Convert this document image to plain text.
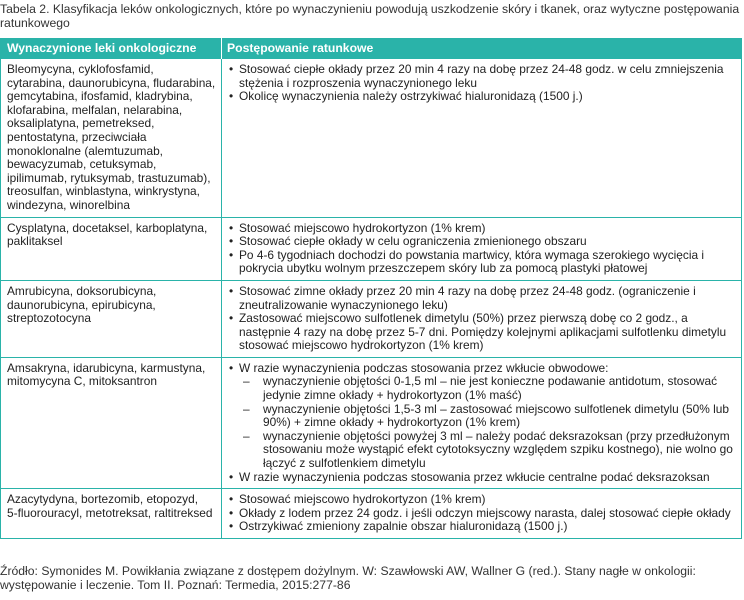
Tabela 2. Klasyfikacja leków onkologicznych, które po wynaczynieniu powodują uszkodzenie skóry i tkanek, oraz wytyczne postępowania ratunkowego
Wynaczynione leki onkologiczne	Postępowanie ratunkowe
Bleomycyna, cyklofosfamid,
cytarabina, daunorubicyna, fludarabina,
gemcytabina, ifosfamid, kladrybina,
klofarabina, melfalan, nelarabina,
oksaliplatyna, pemetreksed,
pentostatyna, przeciwciała
monoklonalne (alemtuzumab,
bewacyzumab, cetuksymab,
ipilimumab, rytuksymab, trastuzumab),
treosulfan, winblastyna, winkrystyna,
windezyna, winorelbina
• Stosować ciepłe okłady przez 20 min 4 razy na dobę przez 24-48 godz. w celu zmniejszenia stężenia i rozproszenia wynaczynionego leku
• Okolicę wynaczynienia należy ostrzykiwać hialuronidazą (1500 j.)
Cysplatyna, docetaksel, karboplatyna,
paklitaksel
• Stosować miejscowo hydrokortyzon (1% krem)
• Stosować ciepłe okłady w celu ograniczenia zmienionego obszaru
• Po 4-6 tygodniach dochodzi do powstania martwicy, która wymaga szerokiego wycięcia i pokrycia ubytku wolnym przeszczepem skóry lub za pomocą plastyki płatowej
Amrubicyna, doksorubicyna,
daunorubicyna, epirubicyna,
streptozotocyna
• Stosować zimne okłady przez 20 min 4 razy na dobę przez 24-48 godz. (ograniczenie i zneutralizowanie wynaczynionego leku)
• Zastosować miejscowo sulfotlenek dimetylu (50%) przez pierwszą dobę co 2 godz., a następnie 4 razy na dobę przez 5-7 dni. Pomiędzy kolejnymi aplikacjami sulfotlenku dimetylu stosować miejscowo hydrokortyzon (1% krem)
Amsakryna, idarubicyna, karmustyna,
mitomycyna C, mitoksantron
• W razie wynaczynienia podczas stosowania przez wkłucie obwodowe:
– wynaczynienie objętości 0-1,5 ml – nie jest konieczne podawanie antidotum, stosować jedynie zimne okłady + hydrokortyzon (1% maść)
– wynaczynienie objętości 1,5-3 ml – zastosować miejscowo sulfotlenek dimetylu (50% lub 90%) + zimne okłady + hydrokortyzon (1% krem)
– wynaczynienie objętości powyżej 3 ml – należy podać deksrazoksan (przy przedłużonym stosowaniu może wystąpić efekt cytotoksyczny względem szpiku kostnego), nie wolno go łączyć z sulfotlenkiem dimetylu
• W razie wynaczynienia podczas stosowania przez wkłucie centralne podać deksrazoksan
Azacytydyna, bortezomib, etopozyd,
5-fluorouracyl, metotreksat, raltitreksed
• Stosować miejscowo hydrokortyzon (1% krem)
• Okłady z lodem przez 24 godz. i jeśli odczyn miejscowy narasta, dalej stosować ciepłe okłady
• Ostrzykiwać zmieniony zapalnie obszar hialuronidazą (1500 j.)
Źródło: Symonides M. Powikłania związane z dostępem dożylnym. W: Szawłowski AW, Wallner G (red.). Stany nagłe w onkologii: występowanie i leczenie. Tom II. Poznań: Termedia, 2015:277-86
